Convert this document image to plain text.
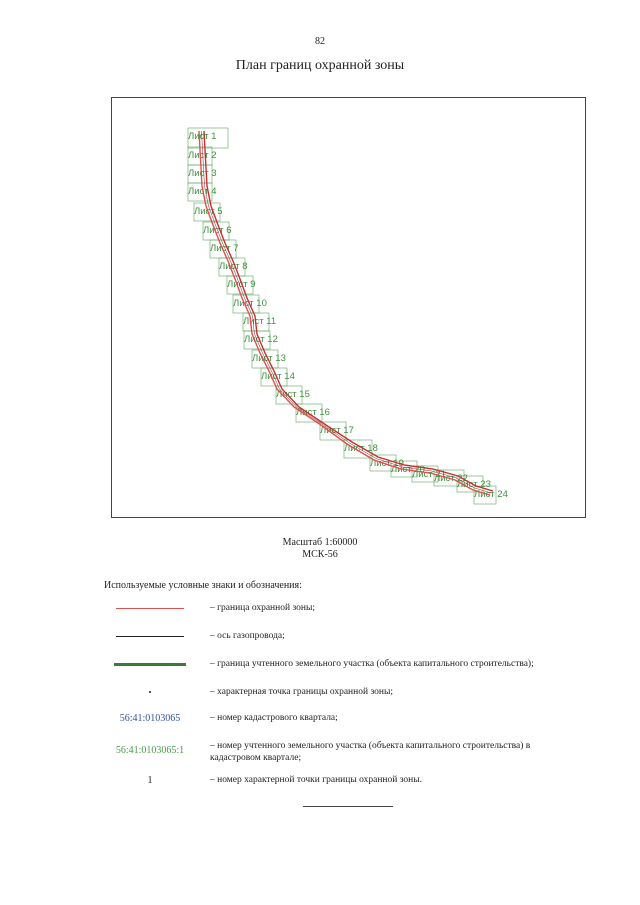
82
План границ охранной зоны
Лист 1
Лист 2
Лист 3
Лист 4
Лист 5
Лист 6
Лист 7
Лист 8
Лист 9
Лист 10
Лист 11
Лист 12
Лист 13
Лист 14
Лист 15
Лист 16
Лист 17
Лист 18
Лист 19
Лист 20
Лист 21
Лист 22
Лист 23
Лист 24
Масштаб 1:60000
МСК-56
Используемые условные знаки и обозначения:
– граница охранной зоны;
– ось газопровода;
– граница учтенного земельного участка (объекта капитального строительства);
– характерная точка границы охранной зоны;
56:41:0103065	– номер кадастрового квартала;
56:41:0103065:1	– номер учтенного земельного участка (объекта капитального строительства) в кадастровом квартале;
1	– номер характерной точки границы охранной зоны.
